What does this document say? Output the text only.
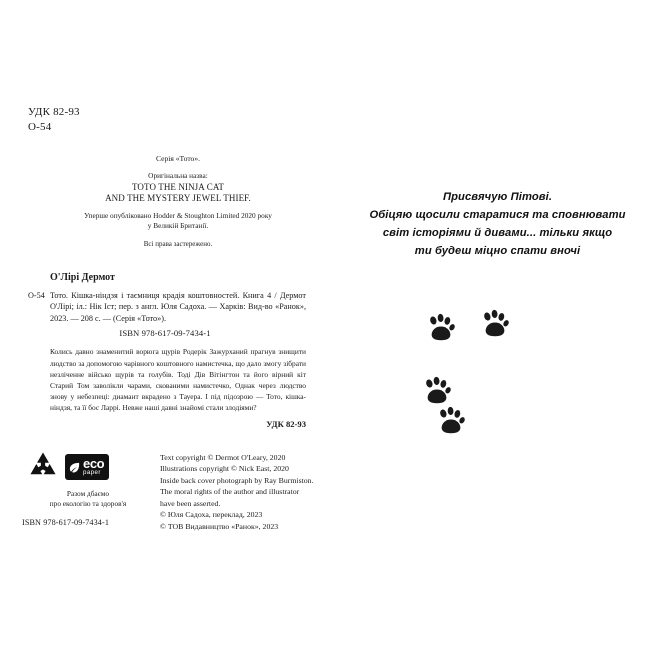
УДК 82-93
О-54
Серія «Тото».
Оригінальна назва:
TOTO THE NINJA CAT
AND THE MYSTERY JEWEL THIEF.
Уперше опубліковано Hodder & Stoughton Limited 2020 року
у Великій Британії.
Всі права застережено.
О'Лірі Дермот
О-54 Тото. Кішка-ніндзя і таємниця крадія коштовностей. Книга 4 / Дермот О'Лірі; іл.: Нік Іст; пер. з англ. Юля Садоха. — Харків: Вид-во «Ранок», 2023. — 208 с. — (Серія «Тото»).
ISBN 978-617-09-7434-1
Колись давно знаменитий ворюга щурів Родерік Зажурханий прагнув знищити людство за допомогою чарівного коштовного намистечка, що дало змогу зібрати незліченне військо щурів та голубів. Тоді Дів Вітінгтон та його вірний кіт Старий Том заволікли чарами, скованими намистечко, Однак через людство знову у небезпеці: диамант вкрадено з Тауера. І під підозрою — Тото, кішка-ніндзя, та її бос Ларрі. Невже наші давні знайомі стали злодіями?
УДК 82-93
eco
paper
Разом дбаємо
про екологію та здоров'я
ISBN 978-617-09-7434-1
Text copyright © Dermot O'Leary, 2020
Illustrations copyright © Nick East, 2020
Inside back cover photograph by Ray Burmiston.
The moral rights of the author and illustrator
have been asserted.
© Юля Садоха, переклад, 2023
© ТОВ Видавництво «Ранок», 2023
Присвячую Пітові.
Обіцяю щосили старатися та сповнювати
світ історіями й дивами... тільки якщо
ти будеш міцно спати вночі
